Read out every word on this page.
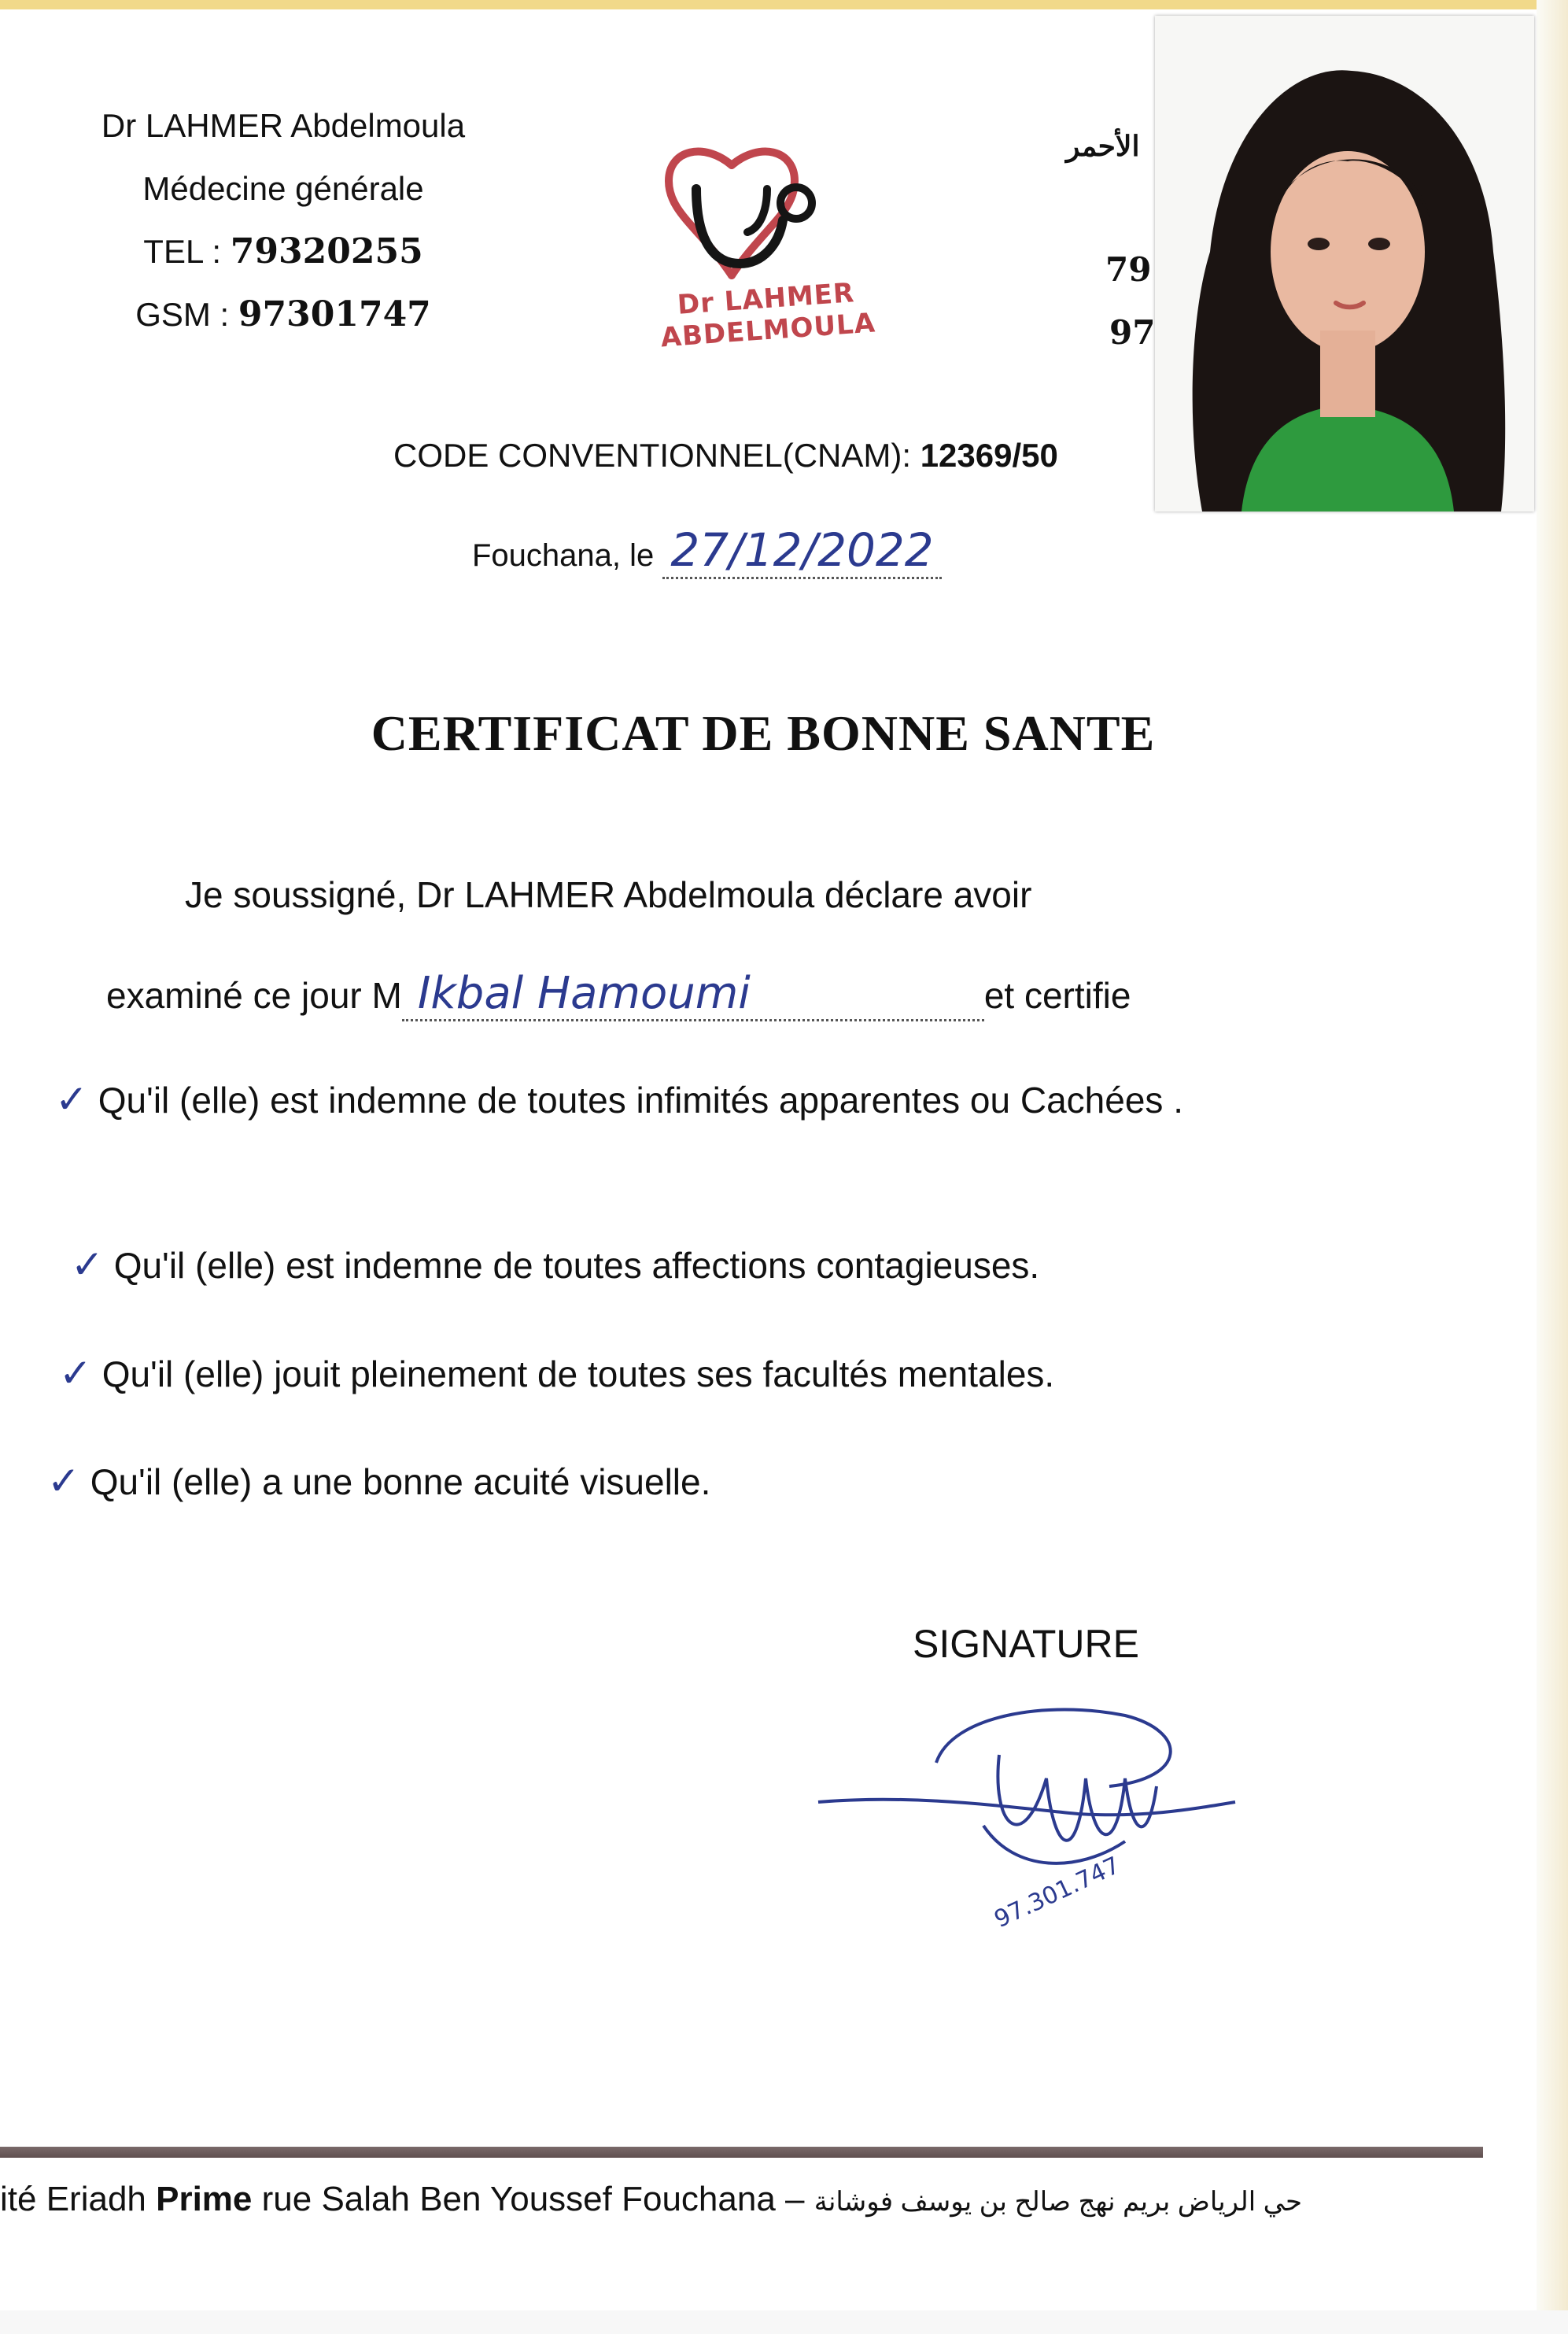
Dr LAHMER Abdelmoula
Médecine générale
TEL : 79320255
GSM : 97301747	Dr LAHMER ABDELMOULA
الأحمر
79
97
CODE CONVENTIONNEL(CNAM): 12369/50
Fouchana, le 27/12/2022
CERTIFICAT DE BONNE SANTE
Je soussigné, Dr LAHMER Abdelmoula déclare avoir
examiné ce jour M Ikbal Hamoumi	et certifie
✓ Qu'il (elle) est indemne de toutes infimités apparentes ou Cachées .
✓ Qu'il (elle) est indemne de toutes affections contagieuses.
✓ Qu'il (elle) jouit pleinement de toutes ses facultés mentales.
✓ Qu'il (elle) a une bonne acuité visuelle.
SIGNATURE
97.301.747
ité Eriadh Prime rue Salah Ben Youssef Fouchana – حي الرياض بريم نهج صالح بن يوسف فوشانة
